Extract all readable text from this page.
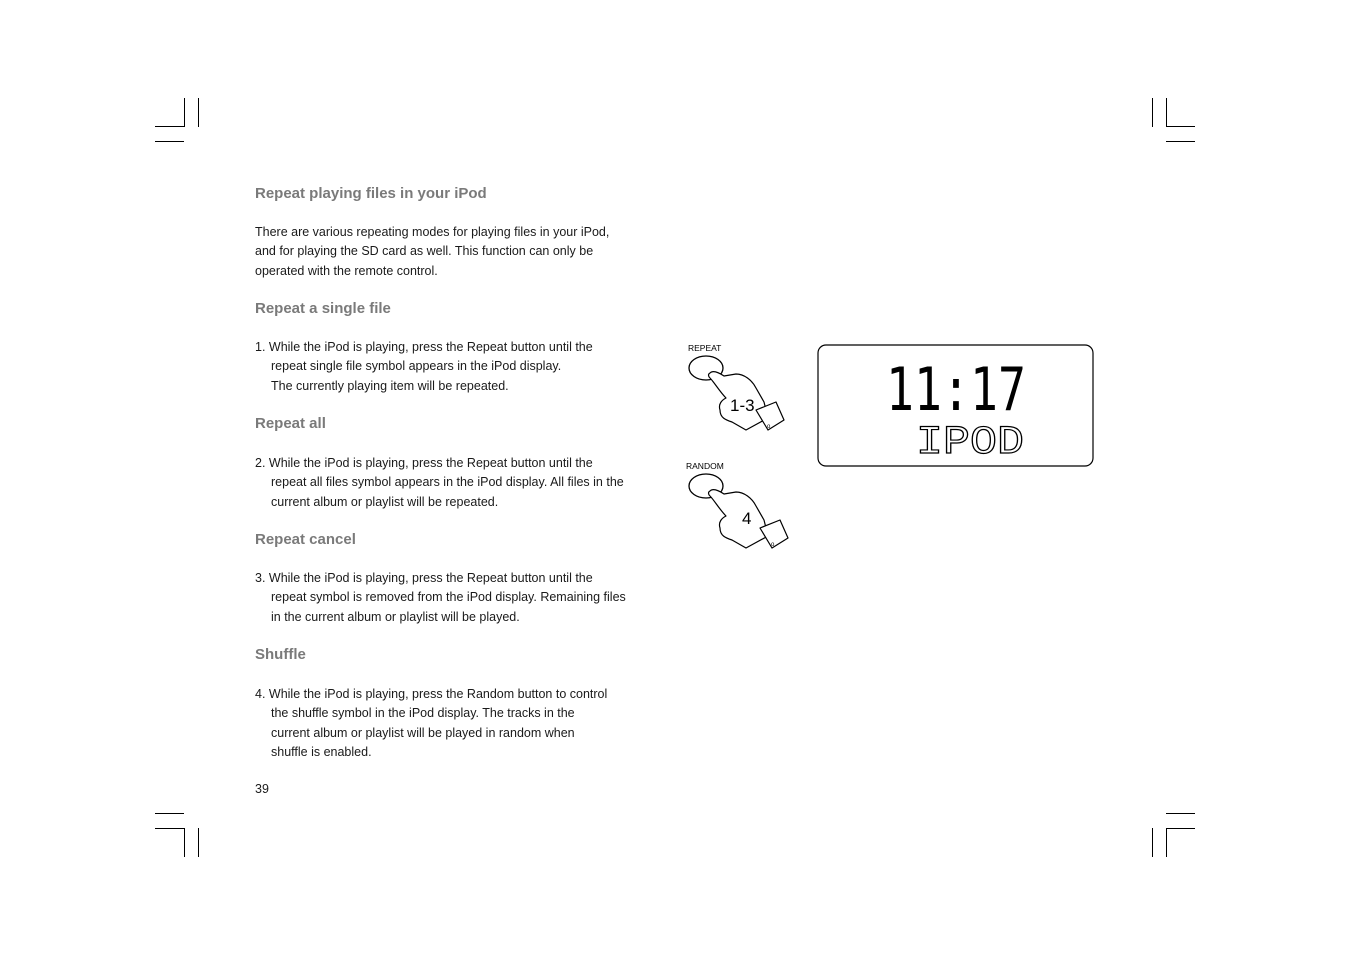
Repeat playing files in your iPod

There are various repeating modes for playing files in your iPod,
and for playing the SD card as well. This function can only be
operated with the remote control.

Repeat a single file

1. While the iPod is playing, press the Repeat button until the
repeat single file symbol appears in the iPod display.
The currently playing item will be repeated.

Repeat all

2. While the iPod is playing, press the Repeat button until the
repeat all files symbol appears in the iPod display. All files in the
current album or playlist will be repeated.

Repeat cancel

3. While the iPod is playing, press the Repeat button until the
repeat symbol is removed from the iPod display. Remaining files
in the current album or playlist will be played.

Shuffle

4. While the iPod is playing, press the Random button to control
the shuffle symbol in the iPod display. The tracks in the
current album or playlist will be played in random when
shuffle is enabled.

39
REPEAT
1-3
o
RANDOM
4
o
11:17
IPOD
